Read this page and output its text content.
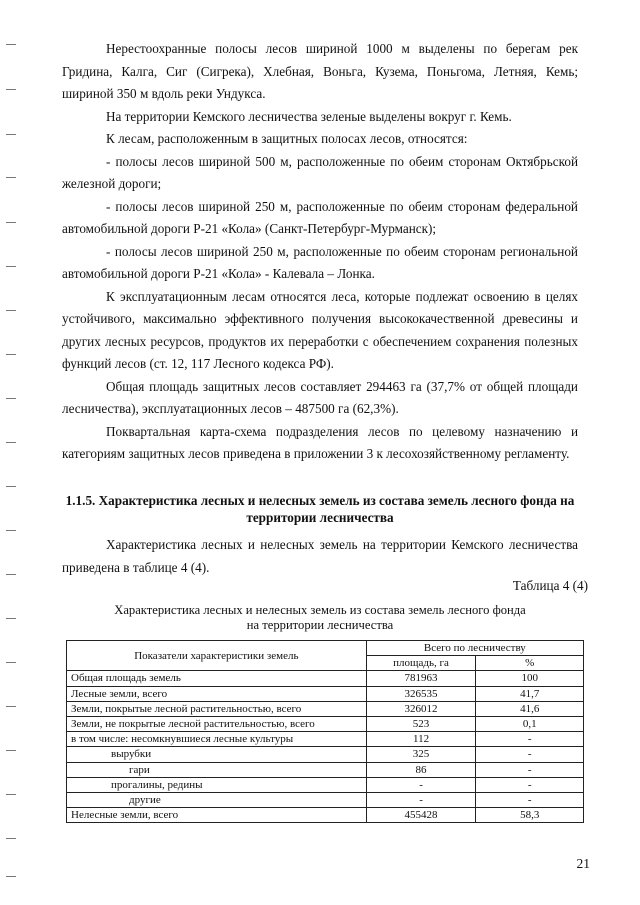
Нерестоохранные полосы лесов шириной 1000 м выделены по берегам рек Гридина, Калга, Сиг (Сигрека), Хлебная, Воньга, Кузема, Поньгома, Летняя, Кемь; шириной 350 м вдоль реки Ундукса.

На территории Кемского лесничества зеленые выделены вокруг г. Кемь.

К лесам, расположенным в защитных полосах лесов, относятся:

- полосы лесов шириной 500 м, расположенные по обеим сторонам Октябрьской железной дороги;

- полосы лесов шириной 250 м, расположенные по обеим сторонам федеральной автомобильной дороги Р-21 «Кола» (Санкт-Петербург-Мурманск);

- полосы лесов шириной 250 м, расположенные по обеим сторонам региональной автомобильной дороги Р-21 «Кола» - Калевала – Лонка.

К эксплуатационным лесам относятся леса, которые подлежат освоению в целях устойчивого, максимально эффективного получения высококачественной древесины и других лесных ресурсов, продуктов их переработки с обеспечением сохранения полезных функций лесов (ст. 12, 117 Лесного кодекса РФ).

Общая площадь защитных лесов составляет 294463 га (37,7% от общей площади лесничества), эксплуатационных лесов – 487500 га (62,3%).

Поквартальная карта-схема подразделения лесов по целевому назначению и категориям защитных лесов приведена в приложении 3 к лесохозяйственному регламенту.

1.1.5. Характеристика лесных и нелесных земель из состава земель лесного фонда на территории лесничества

Характеристика лесных и нелесных земель на территории Кемского лесничества приведена в таблице 4 (4).

Таблица 4 (4)
Характеристика лесных и нелесных земель из состава земель лесного фонда
на территории лесничества
Показатели характеристики земель	Всего по лесничеству	
	площадь, га	%
Общая площадь земель	781963	100
Лесные земли, всего	326535	41,7
Земли, покрытые лесной растительностью, всего	326012	41,6
Земли, не покрытые лесной растительностью, всего	523	0,1
в том числе: несомкнувшиеся лесные культуры	112	-
вырубки	325	-
гари	86	-
прогалины, редины	-	-
другие	-	-
Нелесные земли, всего	455428	58,3
21
